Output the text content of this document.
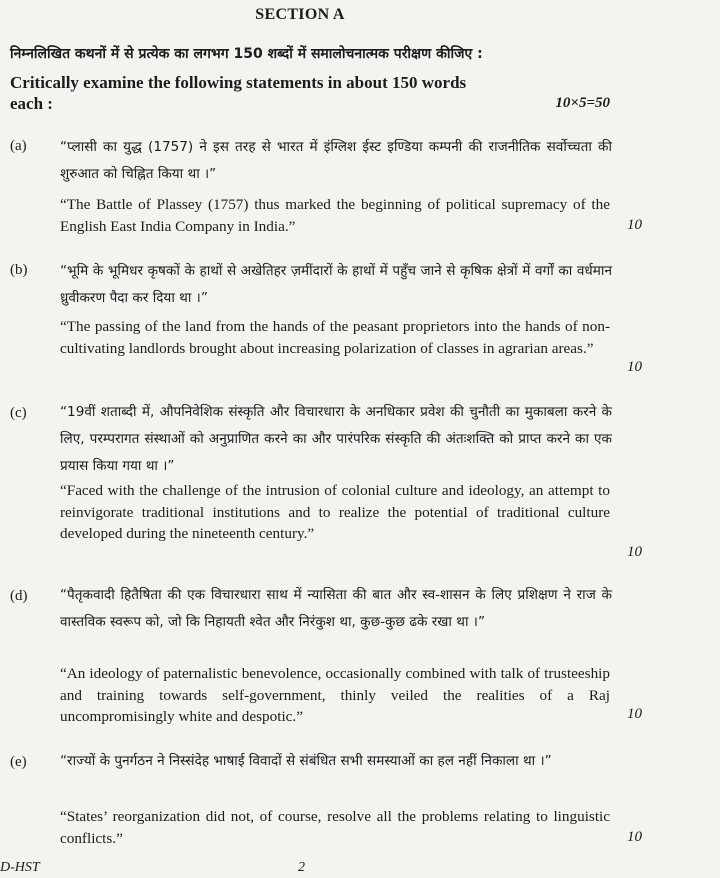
SECTION A
निम्नलिखित कथनों में से प्रत्येक का लगभग 150 शब्दों में समालोचनात्मक परीक्षण कीजिए :
Critically examine the following statements in about 150 words
each :	10×5=50
(a) “प्लासी का युद्ध (1757) ने इस तरह से भारत में इंग्लिश ईस्ट इण्डिया कम्पनी की राजनीतिक सर्वोच्चता की शुरुआत को चिह्नित किया था ।”
“The Battle of Plassey (1757) thus marked the beginning of political supremacy of the English East India Company in India.”	10
(b) “भूमि के भूमिधर कृषकों के हाथों से अखेतिहर ज़मींदारों के हाथों में पहुँच जाने से कृषिक क्षेत्रों में वर्गों का वर्धमान ध्रुवीकरण पैदा कर दिया था ।”
“The passing of the land from the hands of the peasant proprietors into the hands of non-cultivating landlords brought about increasing polarization of classes in agrarian areas.”
10
(c) “19वीं शताब्दी में, औपनिवेशिक संस्कृति और विचारधारा के अनधिकार प्रवेश की चुनौती का मुकाबला करने के लिए, परम्परागत संस्थाओं को अनुप्राणित करने का और पारंपरिक संस्कृति की अंतःशक्ति को प्राप्त करने का एक प्रयास किया गया था ।”
“Faced with the challenge of the intrusion of colonial culture and ideology, an attempt to reinvigorate traditional institutions and to realize the potential of traditional culture developed during the nineteenth century.”
10
(d) “पैतृकवादी हितैषिता की एक विचारधारा साथ में न्यासिता की बात और स्व-शासन के लिए प्रशिक्षण ने राज के वास्तविक स्वरूप को, जो कि निहायती श्वेत और निरंकुश था, कुछ-कुछ ढके रखा था ।”
“An ideology of paternalistic benevolence, occasionally combined with talk of trusteeship and training towards self-government, thinly veiled the realities of a Raj uncompromisingly white and despotic.”	10
(e) “राज्यों के पुनर्गठन ने निस्संदेह भाषाई विवादों से संबंधित सभी समस्याओं का हल नहीं निकाला था ।”
“States’ reorganization did not, of course, resolve all the problems relating to linguistic conflicts.”	10
D-HST	2
